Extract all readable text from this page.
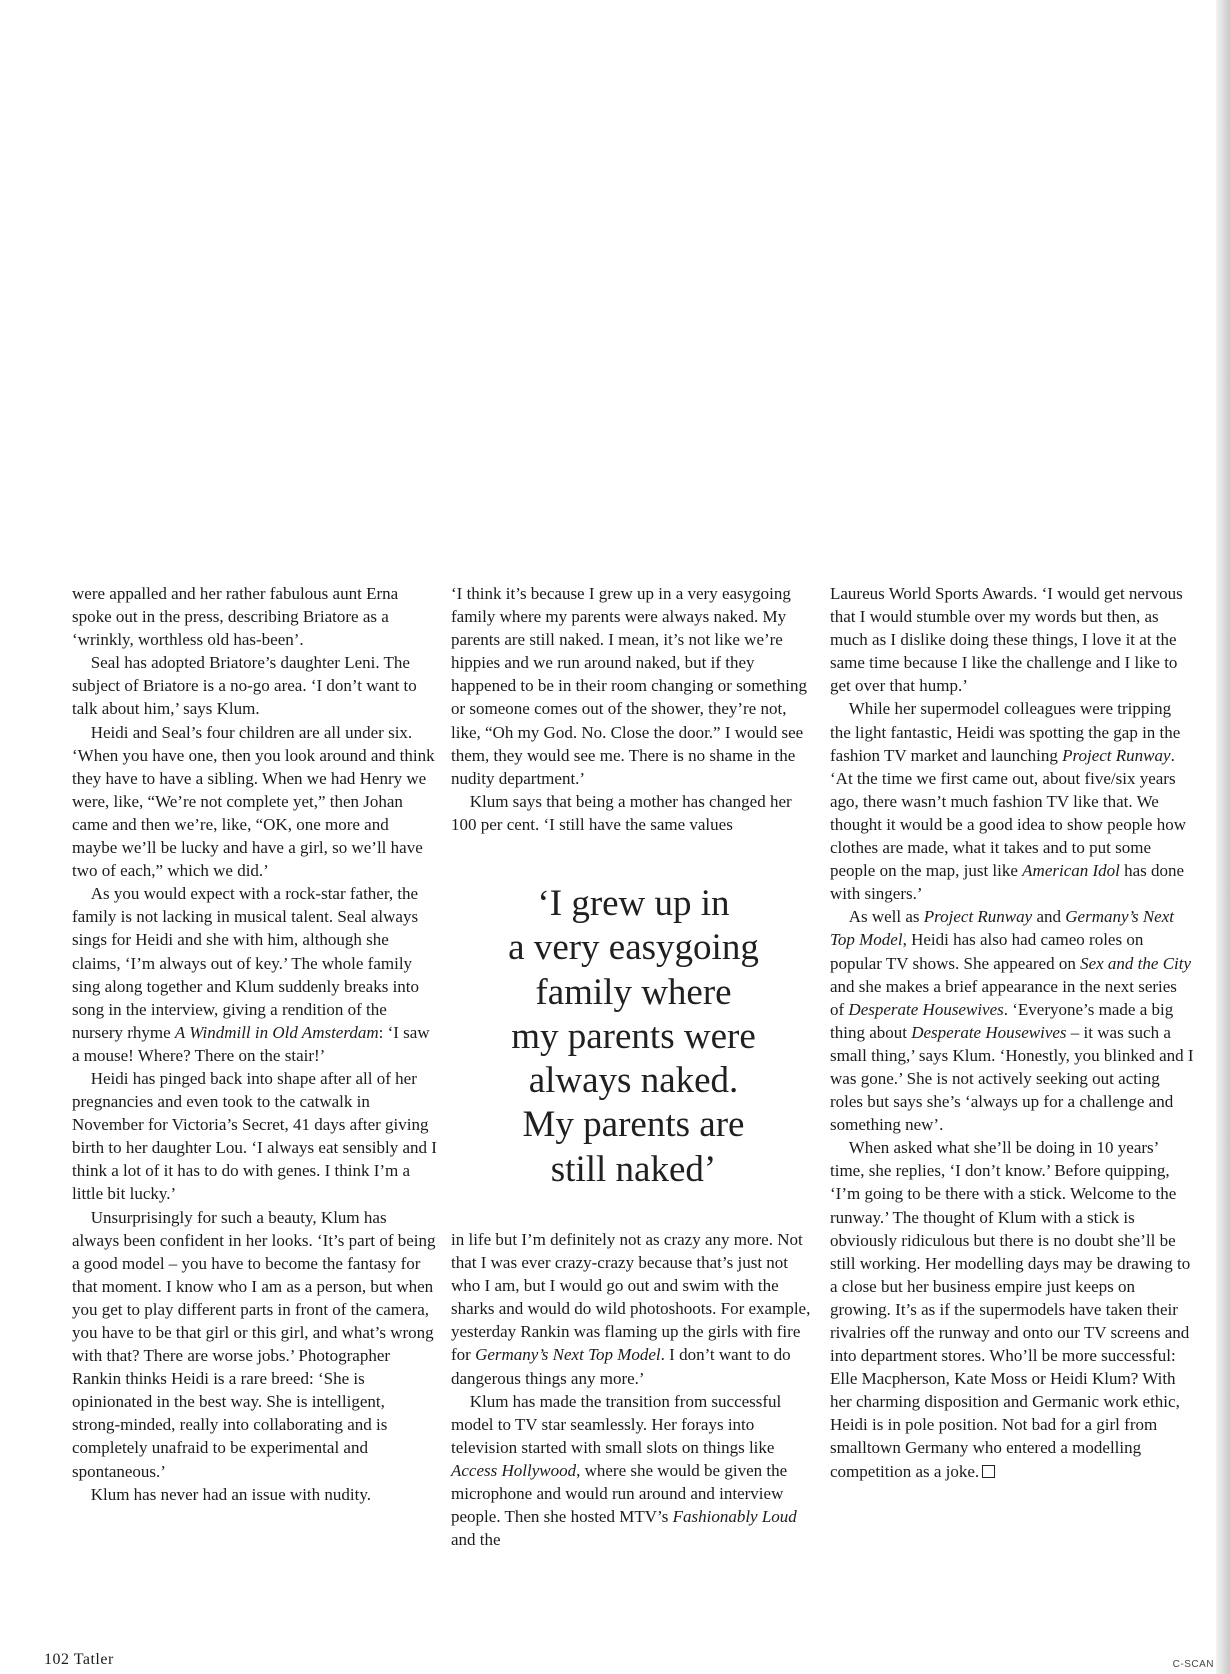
were appalled and her rather fabulous aunt Erna spoke out in the press, describing Briatore as a ‘wrinkly, worthless old has-been’.

Seal has adopted Briatore’s daughter Leni. The subject of Briatore is a no-go area. ‘I don’t want to talk about him,’ says Klum.

Heidi and Seal’s four children are all under six. ‘When you have one, then you look around and think they have to have a sibling. When we had Henry we were, like, “We’re not complete yet,” then Johan came and then we’re, like, “OK, one more and maybe we’ll be lucky and have a girl, so we’ll have two of each,” which we did.’

As you would expect with a rock-star father, the family is not lacking in musical talent. Seal always sings for Heidi and she with him, although she claims, ‘I’m always out of key.’ The whole family sing along together and Klum suddenly breaks into song in the interview, giving a rendition of the nursery rhyme A Windmill in Old Amsterdam: ‘I saw a mouse! Where? There on the stair!’

Heidi has pinged back into shape after all of her pregnancies and even took to the catwalk in November for Victoria’s Secret, 41 days after giving birth to her daughter Lou. ‘I always eat sensibly and I think a lot of it has to do with genes. I think I’m a little bit lucky.’

Unsurprisingly for such a beauty, Klum has always been confident in her looks. ‘It’s part of being a good model – you have to become the fantasy for that moment. I know who I am as a person, but when you get to play different parts in front of the camera, you have to be that girl or this girl, and what’s wrong with that? There are worse jobs.’ Photographer Rankin thinks Heidi is a rare breed: ‘She is opinionated in the best way. She is intelligent, strong-minded, really into collaborating and is completely unafraid to be experimental and spontaneous.’

Klum has never had an issue with nudity.

‘I think it’s because I grew up in a very easygoing family where my parents were always naked. My parents are still naked. I mean, it’s not like we’re hippies and we run around naked, but if they happened to be in their room changing or something or someone comes out of the shower, they’re not, like, “Oh my God. No. Close the door.” I would see them, they would see me. There is no shame in the nudity department.’

Klum says that being a mother has changed her 100 per cent. ‘I still have the same values

‘I grew up in
a very easygoing
family where
my parents were
always naked.
My parents are
still naked’

in life but I’m definitely not as crazy any more. Not that I was ever crazy-crazy because that’s just not who I am, but I would go out and swim with the sharks and would do wild photoshoots. For example, yesterday Rankin was flaming up the girls with fire for Germany’s Next Top Model. I don’t want to do dangerous things any more.’

Klum has made the transition from successful model to TV star seamlessly. Her forays into television started with small slots on things like Access Hollywood, where she would be given the microphone and would run around and interview people. Then she hosted MTV’s Fashionably Loud and the

Laureus World Sports Awards. ‘I would get nervous that I would stumble over my words but then, as much as I dislike doing these things, I love it at the same time because I like the challenge and I like to get over that hump.’

While her supermodel colleagues were tripping the light fantastic, Heidi was spotting the gap in the fashion TV market and launching Project Runway. ‘At the time we first came out, about five/six years ago, there wasn’t much fashion TV like that. We thought it would be a good idea to show people how clothes are made, what it takes and to put some people on the map, just like American Idol has done with singers.’

As well as Project Runway and Germany’s Next Top Model, Heidi has also had cameo roles on popular TV shows. She appeared on Sex and the City and she makes a brief appearance in the next series of Desperate Housewives. ‘Everyone’s made a big thing about Desperate Housewives – it was such a small thing,’ says Klum. ‘Honestly, you blinked and I was gone.’ She is not actively seeking out acting roles but says she’s ‘always up for a challenge and something new’.

When asked what she’ll be doing in 10 years’ time, she replies, ‘I don’t know.’ Before quipping, ‘I’m going to be there with a stick. Welcome to the runway.’ The thought of Klum with a stick is obviously ridiculous but there is no doubt she’ll be still working. Her modelling days may be drawing to a close but her business empire just keeps on growing. It’s as if the supermodels have taken their rivalries off the runway and onto our TV screens and into department stores. Who’ll be more successful: Elle Macpherson, Kate Moss or Heidi Klum? With her charming disposition and Germanic work ethic, Heidi is in pole position. Not bad for a girl from smalltown Germany who entered a modelling competition as a joke.

102 Tatler	C-SCAN
